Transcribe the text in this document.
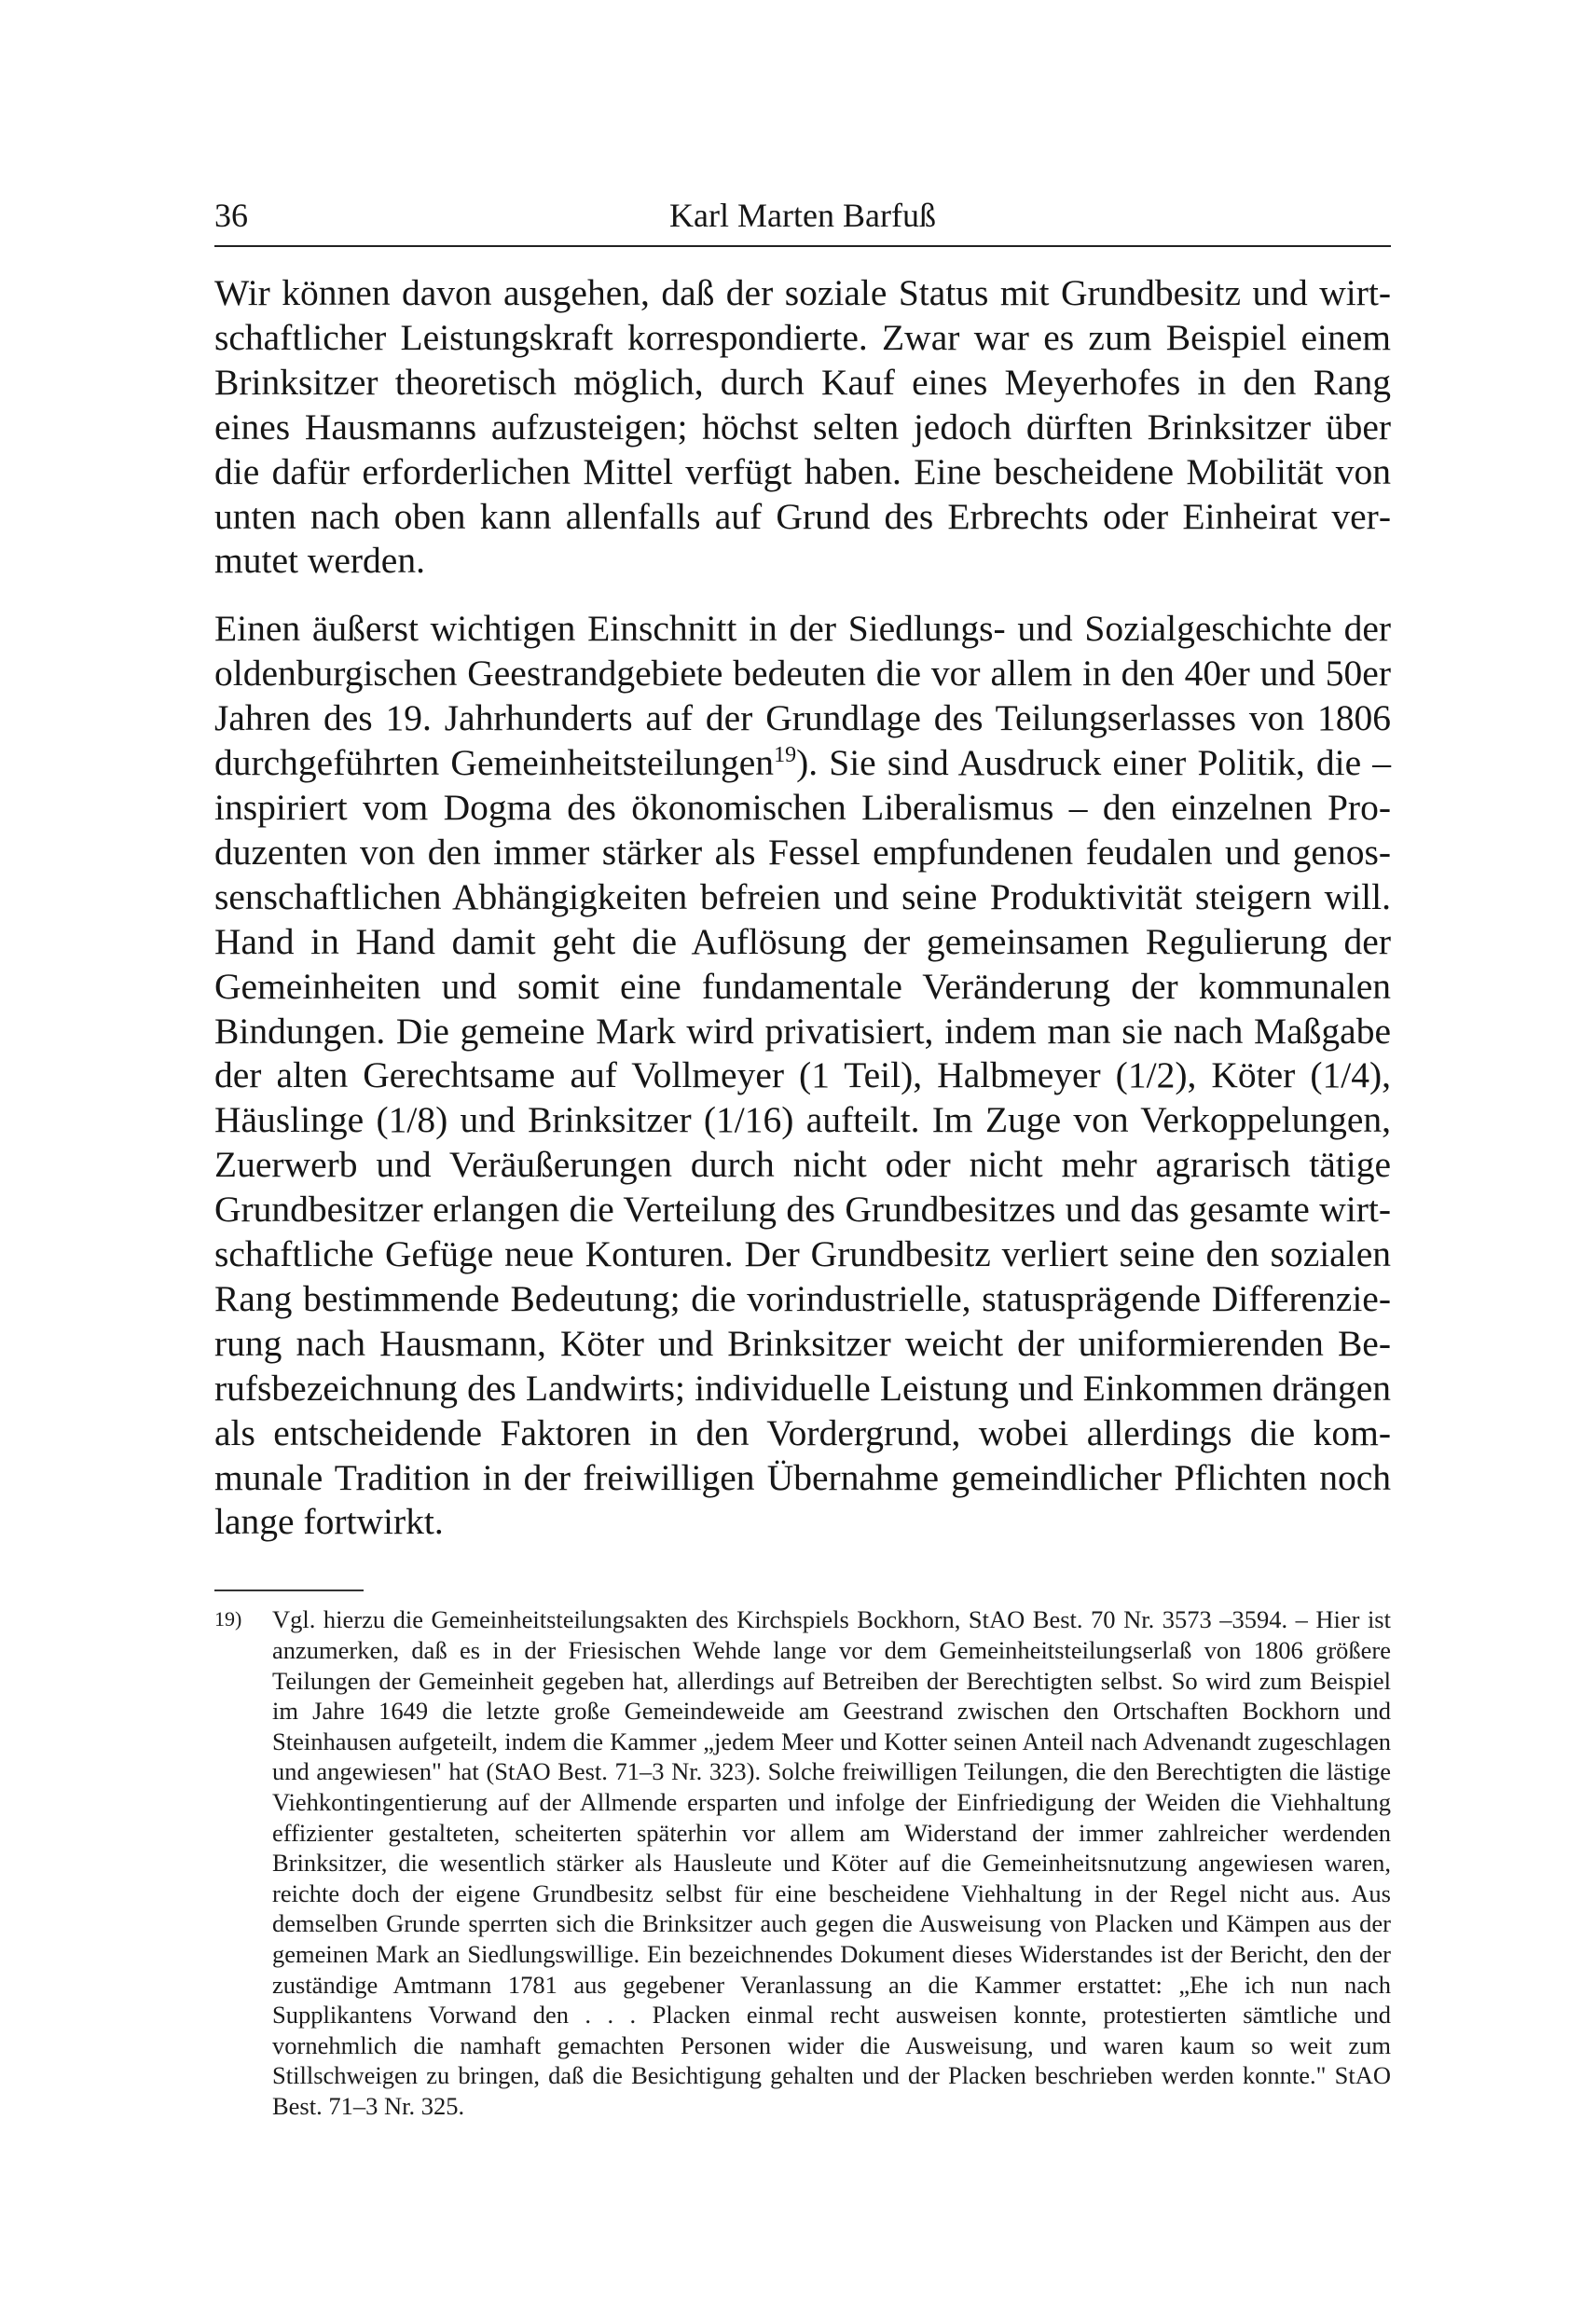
36	Karl Marten Barfuß

Wir können davon ausgehen, daß der soziale Status mit Grundbesitz und wirtschaftlicher Leistungskraft korrespondierte. Zwar war es zum Beispiel einem Brinksitzer theoretisch möglich, durch Kauf eines Meyerhofes in den Rang eines Hausmanns aufzusteigen; höchst selten jedoch dürften Brinksitzer über die dafür erforderlichen Mittel verfügt haben. Eine bescheidene Mobilität von unten nach oben kann allenfalls auf Grund des Erbrechts oder Einheirat vermutet werden.

Einen äußerst wichtigen Einschnitt in der Siedlungs- und Sozialgeschichte der oldenburgischen Geestrandgebiete bedeuten die vor allem in den 40er und 50er Jahren des 19. Jahrhunderts auf der Grundlage des Teilungserlasses von 1806 durchgeführten Gemeinheitsteilungen$^{19}$). Sie sind Ausdruck einer Politik, die – inspiriert vom Dogma des ökonomischen Liberalismus – den einzelnen Produzenten von den immer stärker als Fessel empfundenen feudalen und genossenschaftlichen Abhängigkeiten befreien und seine Produktivität steigern will. Hand in Hand damit geht die Auflösung der gemeinsamen Regulierung der Gemeinheiten und somit eine fundamentale Veränderung der kommunalen Bindungen. Die gemeine Mark wird privatisiert, indem man sie nach Maßgabe der alten Gerechtsame auf Vollmeyer (1 Teil), Halbmeyer (1/2), Köter (1/4), Häuslinge (1/8) und Brinksitzer (1/16) aufteilt. Im Zuge von Verkoppelungen, Zuerwerb und Veräußerungen durch nicht oder nicht mehr agrarisch tätige Grundbesitzer erlangen die Verteilung des Grundbesitzes und das gesamte wirtschaftliche Gefüge neue Konturen. Der Grundbesitz verliert seine den sozialen Rang bestimmende Bedeutung; die vorindustrielle, statusprägende Differenzierung nach Hausmann, Köter und Brinksitzer weicht der uniformierenden Berufsbezeichnung des Landwirts; individuelle Leistung und Einkommen drängen als entscheidende Faktoren in den Vordergrund, wobei allerdings die kommunale Tradition in der freiwilligen Übernahme gemeindlicher Pflichten noch lange fortwirkt.

19) Vgl. hierzu die Gemeinheitsteilungsakten des Kirchspiels Bockhorn, StAO Best. 70 Nr. 3573 –3594. – Hier ist anzumerken, daß es in der Friesischen Wehde lange vor dem Gemeinheitsteilungserlaß von 1806 größere Teilungen der Gemeinheit gegeben hat, allerdings auf Betreiben der Berechtigten selbst. So wird zum Beispiel im Jahre 1649 die letzte große Gemeindeweide am Geestrand zwischen den Ortschaften Bockhorn und Steinhausen aufgeteilt, indem die Kammer „jedem Meer und Kotter seinen Anteil nach Advenandt zugeschlagen und angewiesen" hat (StAO Best. 71–3 Nr. 323). Solche freiwilligen Teilungen, die den Berechtigten die lästige Viehkontingentierung auf der Allmende ersparten und infolge der Einfriedigung der Weiden die Viehhaltung effizienter gestalteten, scheiterten späterhin vor allem am Widerstand der immer zahlreicher werdenden Brinksitzer, die wesentlich stärker als Hausleute und Köter auf die Gemeinheitsnutzung angewiesen waren, reichte doch der eigene Grundbesitz selbst für eine bescheidene Viehhaltung in der Regel nicht aus. Aus demselben Grunde sperrten sich die Brinksitzer auch gegen die Ausweisung von Placken und Kämpen aus der gemeinen Mark an Siedlungswillige. Ein bezeichnendes Dokument dieses Widerstandes ist der Bericht, den der zuständige Amtmann 1781 aus gegebener Veranlassung an die Kammer erstattet: „Ehe ich nun nach Supplikantens Vorwand den . . . Placken einmal recht ausweisen konnte, protestierten sämtliche und vornehmlich die namhaft gemachten Personen wider die Ausweisung, und waren kaum so weit zum Stillschweigen zu bringen, daß die Besichtigung gehalten und der Placken beschrieben werden konnte." StAO Best. 71–3 Nr. 325.
